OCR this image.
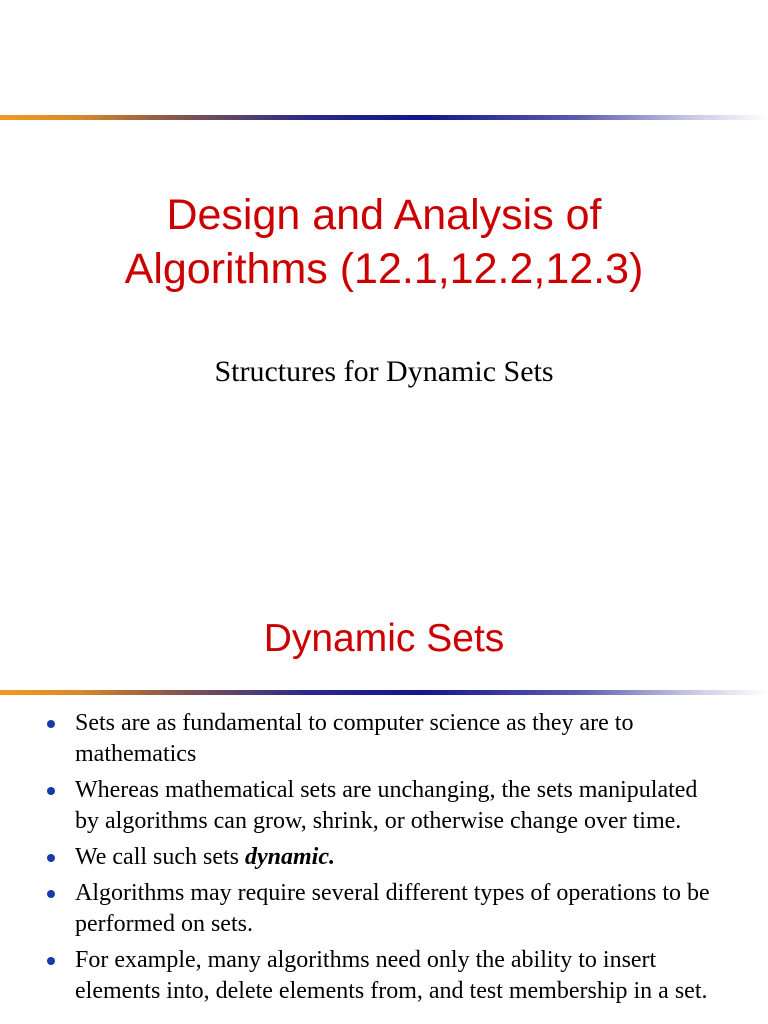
Design and Analysis of
Algorithms (12.1,12.2,12.3)
Structures for Dynamic Sets
Dynamic Sets
Sets are as fundamental to computer science as they are to mathematics
Whereas mathematical sets are unchanging, the sets manipulated by algorithms can grow, shrink, or otherwise change over time.
We call such sets dynamic.
Algorithms may require several different types of operations to be performed on sets.
For example, many algorithms need only the ability to insert elements into, delete elements from, and test membership in a set.
